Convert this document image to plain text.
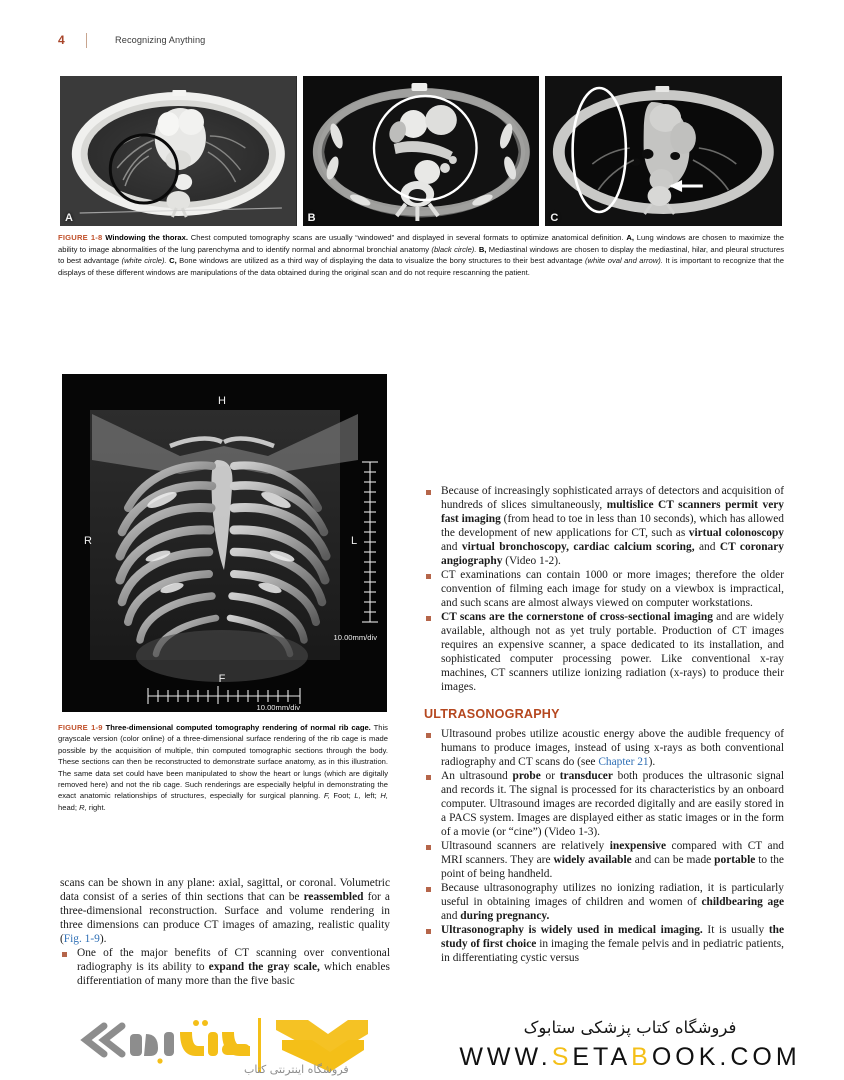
4	Recognizing Anything
A	B	C

FIGURE 1-8 Windowing the thorax. Chest computed tomography scans are usually “windowed” and displayed in several formats to optimize anatomical definition. A, Lung windows are chosen to maximize the ability to image abnormalities of the lung parenchyma and to identify normal and abnormal bronchial anatomy (black circle). B, Mediastinal windows are chosen to display the mediastinal, hilar, and pleural structures to best advantage (white circle). C, Bone windows are utilized as a third way of displaying the data to visualize the bony structures to their best advantage (white oval and arrow). It is important to recognize that the displays of these different windows are manipulations of the data obtained during the original scan and do not require rescanning the patient.

H
F
R	L
10.00mm/div
10.00mm/div

FIGURE 1-9 Three-dimensional computed tomography rendering of normal rib cage. This grayscale version (color online) of a three-dimensional surface rendering of the rib cage is made possible by the acquisition of multiple, thin computed tomographic sections through the body. These sections can then be reconstructed to demonstrate surface anatomy, as in this illustration. The same data set could have been manipulated to show the heart or lungs (which are digitally removed here) and not the rib cage. Such renderings are especially helpful in demonstrating the exact anatomic relationships of structures, especially for surgical planning. F, Foot; L, left; H, head; R, right.

scans can be shown in any plane: axial, sagittal, or coronal. Volumetric data consist of a series of thin sections that can be reassembled for a three-dimensional reconstruction. Surface and volume rendering in three dimensions can produce CT images of amazing, realistic quality (Fig. 1-9).

One of the major benefits of CT scanning over conventional radiography is its ability to expand the gray scale, which enables differentiation of many more than the five basic
Because of increasingly sophisticated arrays of detectors and acquisition of hundreds of slices simultaneously, multislice CT scanners permit very fast imaging (from head to toe in less than 10 seconds), which has allowed the development of new applications for CT, such as virtual colonoscopy and virtual bronchoscopy, cardiac calcium scoring, and CT coronary angiography (Video 1-2).
CT examinations can contain 1000 or more images; therefore the older convention of filming each image for study on a viewbox is impractical, and such scans are almost always viewed on computer workstations.
CT scans are the cornerstone of cross-sectional imaging and are widely available, although not as yet truly portable. Production of CT images requires an expensive scanner, a space dedicated to its installation, and sophisticated computer processing power. Like conventional x-ray machines, CT scanners utilize ionizing radiation (x-rays) to produce their images.
ULTRASONOGRAPHY
Ultrasound probes utilize acoustic energy above the audible frequency of humans to produce images, instead of using x-rays as both conventional radiography and CT scans do (see Chapter 21).
An ultrasound probe or transducer both produces the ultrasonic signal and records it. The signal is processed for its characteristics by an onboard computer. Ultrasound images are recorded digitally and are easily stored in a PACS system. Images are displayed either as static images or in the form of a movie (or “cine”) (Video 1-3).
Ultrasound scanners are relatively inexpensive compared with CT and MRI scanners. They are widely available and can be made portable to the point of being handheld.
Because ultrasonography utilizes no ionizing radiation, it is particularly useful in obtaining images of children and women of childbearing age and during pregnancy.
Ultrasonography is widely used in medical imaging. It is usually the study of first choice in imaging the female pelvis and in pediatric patients, in differentiating cystic versus
فروشگاه اینترنتی کتاب
فروشگاه کتاب پزشکی ستابوک
WWW.SETABOOK.COM
